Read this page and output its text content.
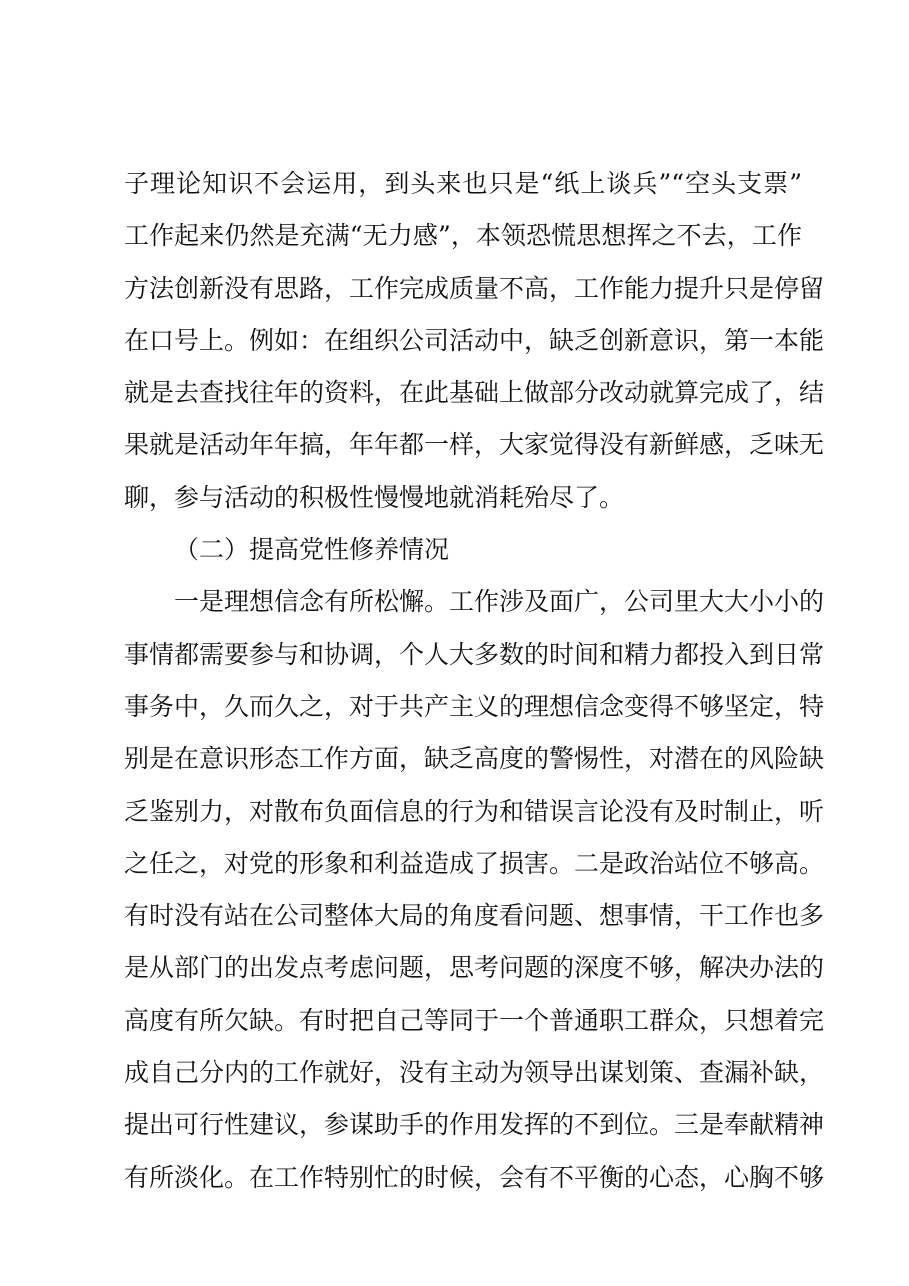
子理论知识不会运用，到头来也只是“纸上谈兵”“空头支票”
工作起来仍然是充满“无力感”，本领恐慌思想挥之不去，工作
方法创新没有思路，工作完成质量不高，工作能力提升只是停留
在口号上。例如：在组织公司活动中，缺乏创新意识，第一本能
就是去查找往年的资料，在此基础上做部分改动就算完成了，结
果就是活动年年搞，年年都一样，大家觉得没有新鲜感，乏味无
聊，参与活动的积极性慢慢地就消耗殆尽了。
（二）提高党性修养情况
一是理想信念有所松懈。工作涉及面广，公司里大大小小的
事情都需要参与和协调，个人大多数的时间和精力都投入到日常
事务中，久而久之，对于共产主义的理想信念变得不够坚定，特
别是在意识形态工作方面，缺乏高度的警惕性，对潜在的风险缺
乏鉴别力，对散布负面信息的行为和错误言论没有及时制止，听
之任之，对党的形象和利益造成了损害。二是政治站位不够高。
有时没有站在公司整体大局的角度看问题、想事情，干工作也多
是从部门的出发点考虑问题，思考问题的深度不够，解决办法的
高度有所欠缺。有时把自己等同于一个普通职工群众，只想着完
成自己分内的工作就好，没有主动为领导出谋划策、查漏补缺，
提出可行性建议，参谋助手的作用发挥的不到位。三是奉献精神
有所淡化。在工作特别忙的时候，会有不平衡的心态，心胸不够
